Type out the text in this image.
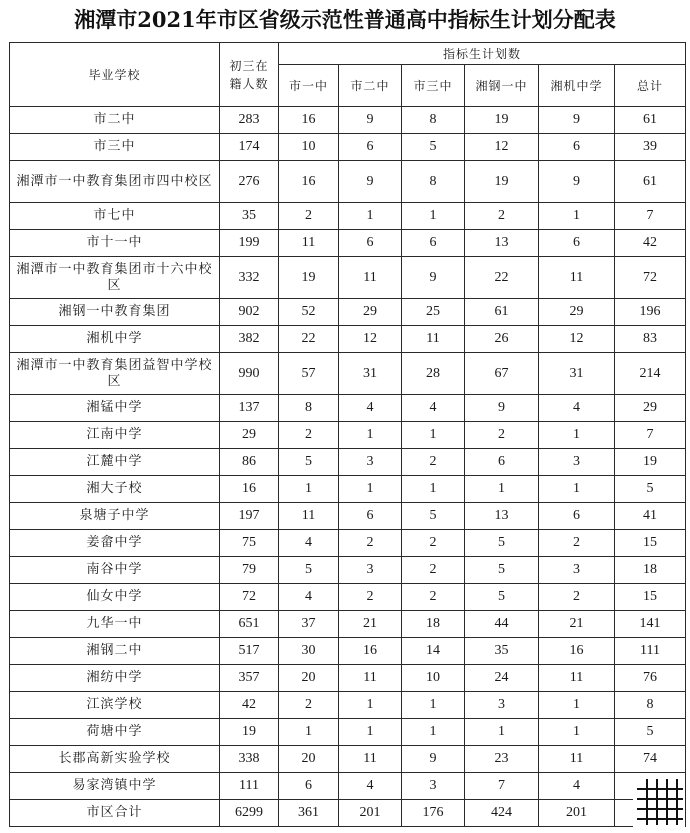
湘潭市2021年市区省级示范性普通高中指标生计划分配表
毕业学校	初三在籍人数	指标生计划数					
		市一中	市二中	市三中	湘钢一中	湘机中学	总计
市二中	283	16	9	8	19	9	61
市三中	174	10	6	5	12	6	39
湘潭市一中教育集团市四中校区	276	16	9	8	19	9	61
市七中	35	2	1	1	2	1	7
市十一中	199	11	6	6	13	6	42
湘潭市一中教育集团市十六中校区	332	19	11	9	22	11	72
湘钢一中教育集团	902	52	29	25	61	29	196
湘机中学	382	22	12	11	26	12	83
湘潭市一中教育集团益智中学校区	990	57	31	28	67	31	214
湘锰中学	137	8	4	4	9	4	29
江南中学	29	2	1	1	2	1	7
江麓中学	86	5	3	2	6	3	19
湘大子校	16	1	1	1	1	1	5
泉塘子中学	197	11	6	5	13	6	41
姜畲中学	75	4	2	2	5	2	15
南谷中学	79	5	3	2	5	3	18
仙女中学	72	4	2	2	5	2	15
九华一中	651	37	21	18	44	21	141
湘钢二中	517	30	16	14	35	16	111
湘纺中学	357	20	11	10	24	11	76
江滨学校	42	2	1	1	3	1	8
荷塘中学	19	1	1	1	1	1	5
长郡高新实验学校	338	20	11	9	23	11	74
易家湾镇中学	111	6	4	3	7	4	
市区合计	6299	361	201	176	424	201	
